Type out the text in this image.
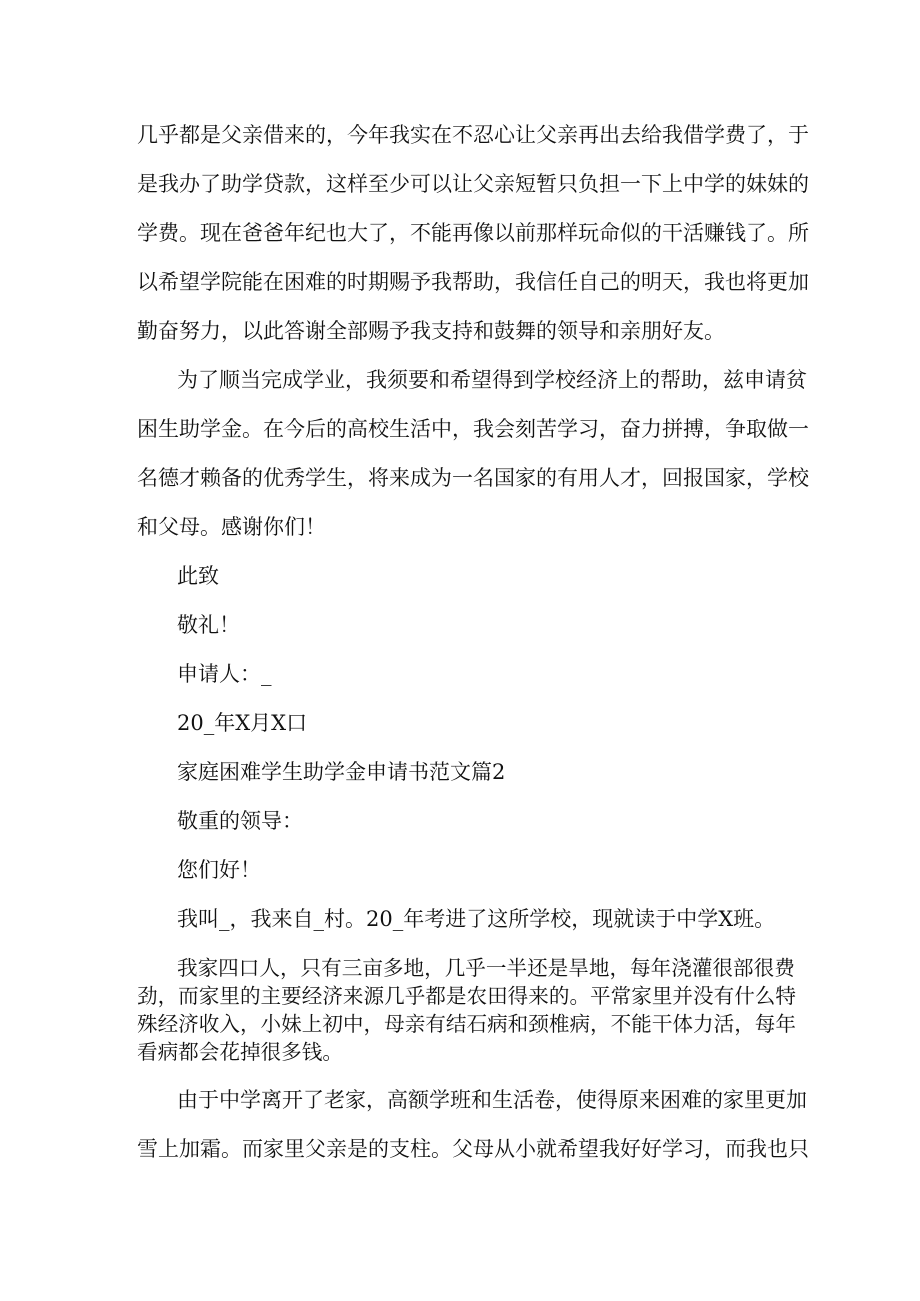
几乎都是父亲借来的，今年我实在不忍心让父亲再出去给我借学费了，于
是我办了助学贷款，这样至少可以让父亲短暂只负担一下上中学的妹妹的
学费。现在爸爸年纪也大了，不能再像以前那样玩命似的干活赚钱了。所
以希望学院能在困难的时期赐予我帮助，我信任自己的明天，我也将更加
勤奋努力，以此答谢全部赐予我支持和鼓舞的领导和亲朋好友。
为了顺当完成学业，我须要和希望得到学校经济上的帮助，兹申请贫
困生助学金。在今后的高校生活中，我会刻苦学习，奋力拼搏，争取做一
名德才赖备的优秀学生，将来成为一名国家的有用人才，回报国家，学校
和父母。感谢你们！
此致
敬礼！
申请人：_
20_年X月X口
家庭困难学生助学金申请书范文篇2
敬重的领导：
您们好！
我叫_，我来自_村。20_年考进了这所学校，现就读于中学X班。
我家四口人，只有三亩多地，几乎一半还是旱地，每年浇灌很部很费
劲，而家里的主要经济来源几乎都是农田得来的。平常家里并没有什么特
殊经济收入，小妹上初中，母亲有结石病和颈椎病，不能干体力活，每年
看病都会花掉很多钱。
由于中学离开了老家，高额学班和生活卷，使得原来困难的家里更加
雪上加霜。而家里父亲是的支柱。父母从小就希望我好好学习，而我也只
